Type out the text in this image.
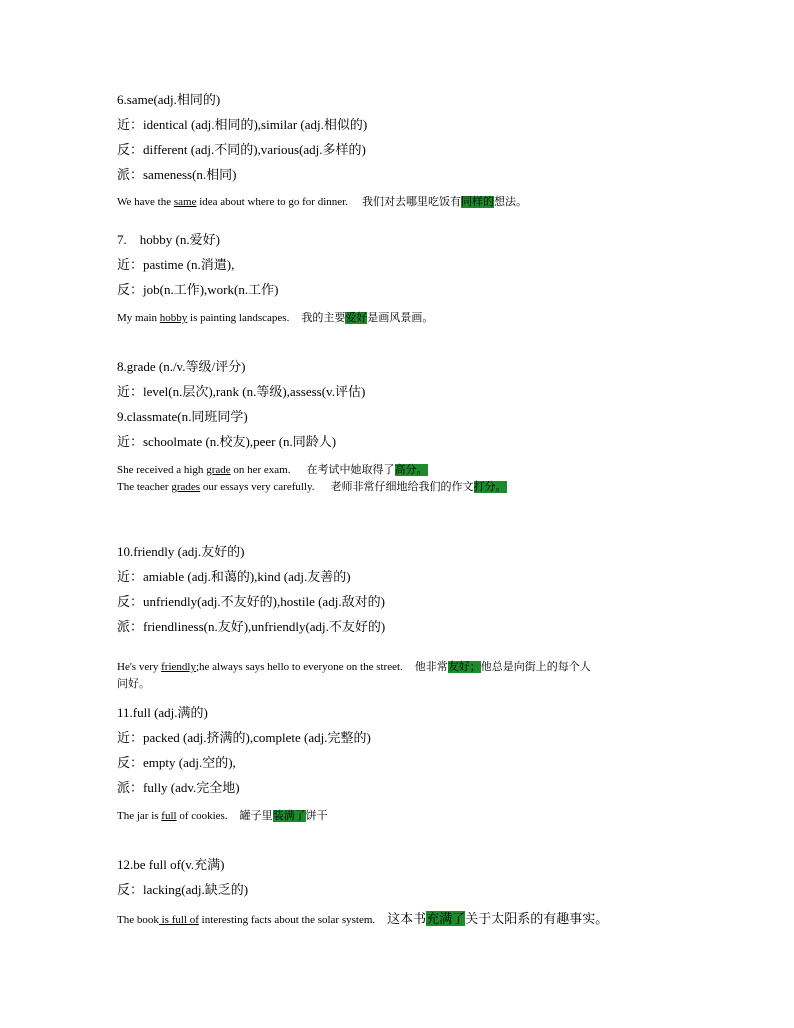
6.same(adj.相同的)
近：identical (adj.相同的),similar (adj.相似的)
反：different (adj.不同的),various(adj.多样的)
派：sameness(n.相同)
We have the same idea about where to go for dinner. 我们对去哪里吃饭有同样的想法。
7.    hobby (n.爱好)
近：pastime (n.消遣),
反：job(n.工作),work(n.工作)
My main hobby is painting landscapes. 我的主要爱好是画风景画。
8.grade (n./v.等级/评分)
近：level(n.层次),rank (n.等级),assess(v.评估)
9.classmate(n.同班同学)
近：schoolmate (n.校友),peer (n.同龄人)
She received a high grade on her exam. 在考试中她取得了高分。
The teacher grades our essays very carefully. 老师非常仔细地给我们的作文打分。
10.friendly (adj.友好的)
近：amiable (adj.和蔼的),kind (adj.友善的)
反：unfriendly(adj.不友好的),hostile (adj.敌对的)
派：friendliness(n.友好),unfriendly(adj.不友好的)
He's very friendly;he always says hello to everyone on the street. 他非常友好；他总是向街上的每个人
问好。
11.full (adj.满的)
近：packed (adj.挤满的),complete (adj.完整的)
反：empty (adj.空的),
派：fully (adv.完全地)
The jar is full of cookies. 罐子里装满了饼干
12.be full of(v.充满)
反：lacking(adj.缺乏的)
The book is full of interesting facts about the solar system. 这本书充满了关于太阳系的有趣事实。
